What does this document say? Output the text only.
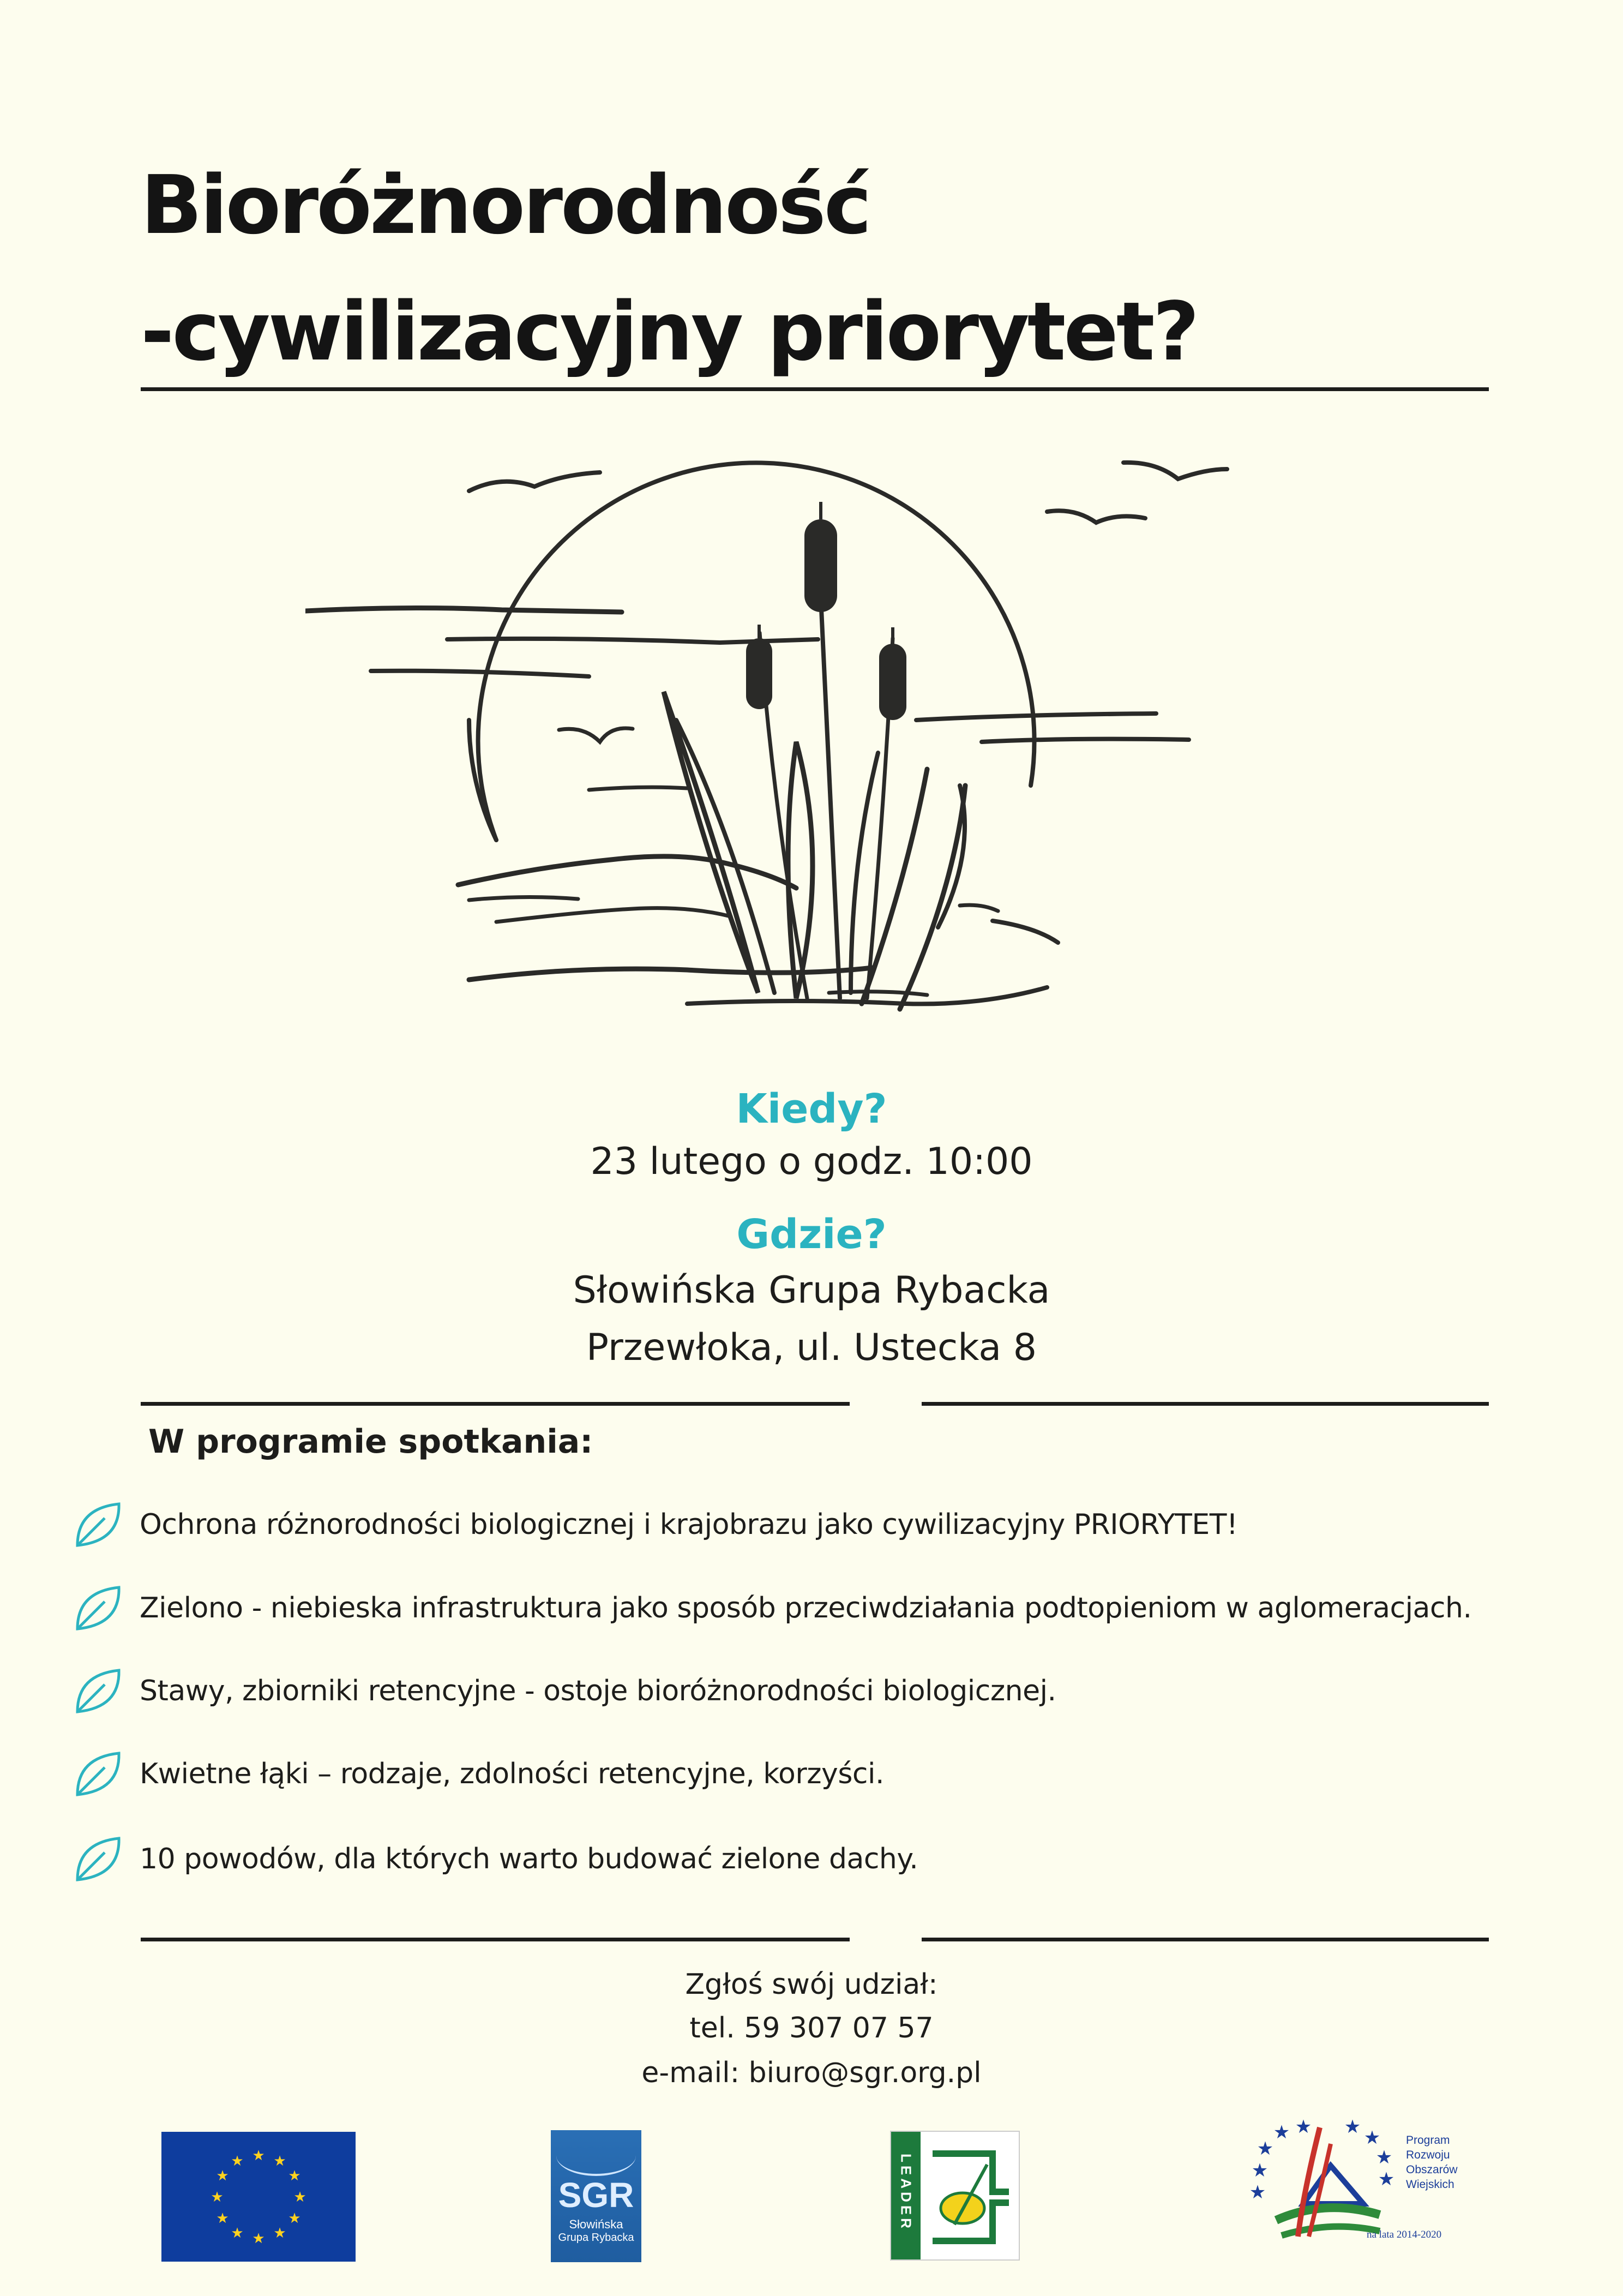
Bioróżnorodność
-cywilizacyjny priorytet?
Kiedy?
23 lutego o godz. 10:00
Gdzie?
Słowińska Grupa Rybacka
Przewłoka, ul. Ustecka 8
W programie spotkania:
Ochrona różnorodności biologicznej i krajobrazu jako cywilizacyjny PRIORYTET!
Zielono - niebieska infrastruktura jako sposób przeciwdziałania podtopieniom w aglomeracjach.
Stawy, zbiorniki retencyjne - ostoje bioróżnorodności biologicznej.
Kwietne łąki – rodzaje, zdolności retencyjne, korzyści.
10 powodów, dla których warto budować zielone dachy.
Zgłoś swój udział:
tel. 59 307 07 57
e-mail: biuro@sgr.org.pl
★ ★
★
★
★
★
★
★
★
★
★
★
SGR
Słowińska
Grupa Rybacka
LEADER	★
★
★ ★ ★ ★
★
★
★
Program
Rozwoju
Obszarów
Wiejskich
na lata 2014-2020
